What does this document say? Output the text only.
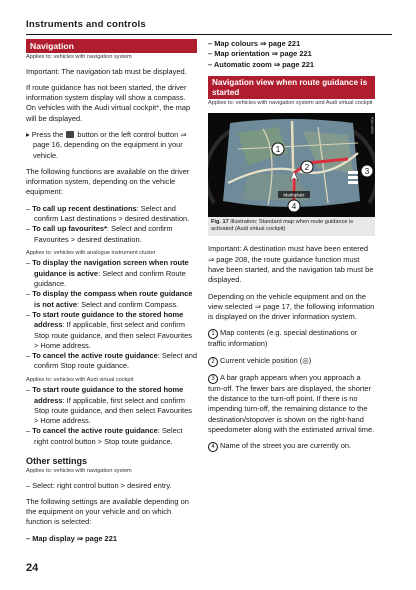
Instruments and controls
Navigation
Applies to: vehicles with navigation system

Important: The navigation tab must be displayed.

If route guidance has not been started, the driver information system display will show a compass. On vehicles with the Audi virtual cockpit*, the map will be displayed.

▸ Press the button or the left control button ⇒ page 16, depending on the equipment in your vehicle.

The following functions are available on the driver information system, depending on the vehicle equipment:

– To call up recent destinations: Select and confirm Last destinations > desired destination.
– To call up favourites*: Select and confirm Favourites > desired destination.
Applies to: vehicles with analogue instrument cluster
– To display the navigation screen when route guidance is active: Select and confirm Route guidance.
– To display the compass when route guidance is not active: Select and confirm Compass.
– To start route guidance to the stored home address: If applicable, first select and confirm Stop route guidance, and then select Favourites > Home address.
– To cancel the active route guidance: Select and confirm Stop route guidance.
Applies to: vehicles with Audi virtual cockpit
– To start route guidance to the stored home address: If applicable, first select and confirm Stop route guidance, and then select Favourites > Home address.
– To cancel the active route guidance: Select right control button > Stop route guidance.
Other settings
Applies to: vehicles with navigation system

– Select: right control button > desired entry.

The following settings are available depending on the equipment on your vehicle and on which function is selected:

– Map display ⇒ page 221
– Map colours ⇒ page 221
– Map orientation ⇒ page 221
– Automatic zoom ⇒ page 221
Navigation view when route guidance is started
Applies to: vehicles with navigation system and Audi virtual cockpit
Marktplatz
1
2	3
4
RAH-0093
Fig. 17 Illustration: Standard map when route guidance is activated (Audi virtual cockpit)

Important: A destination must have been entered ⇒ page 208, the route guidance function must have been started, and the navigation tab must be displayed.

Depending on the vehicle equipment and on the view selected ⇒ page 17, the following information is displayed on the driver information system.

1 Map contents (e.g. special destinations or traffic information)

2 Current vehicle position (◎)

3 A bar graph appears when you approach a turn-off. The fewer bars are displayed, the shorter the distance to the turn-off point. If there is no impending turn-off, the remaining distance to the destination/stopover is shown on the right-hand speedometer along with the estimated arrival time.

4 Name of the street you are currently on.

24
